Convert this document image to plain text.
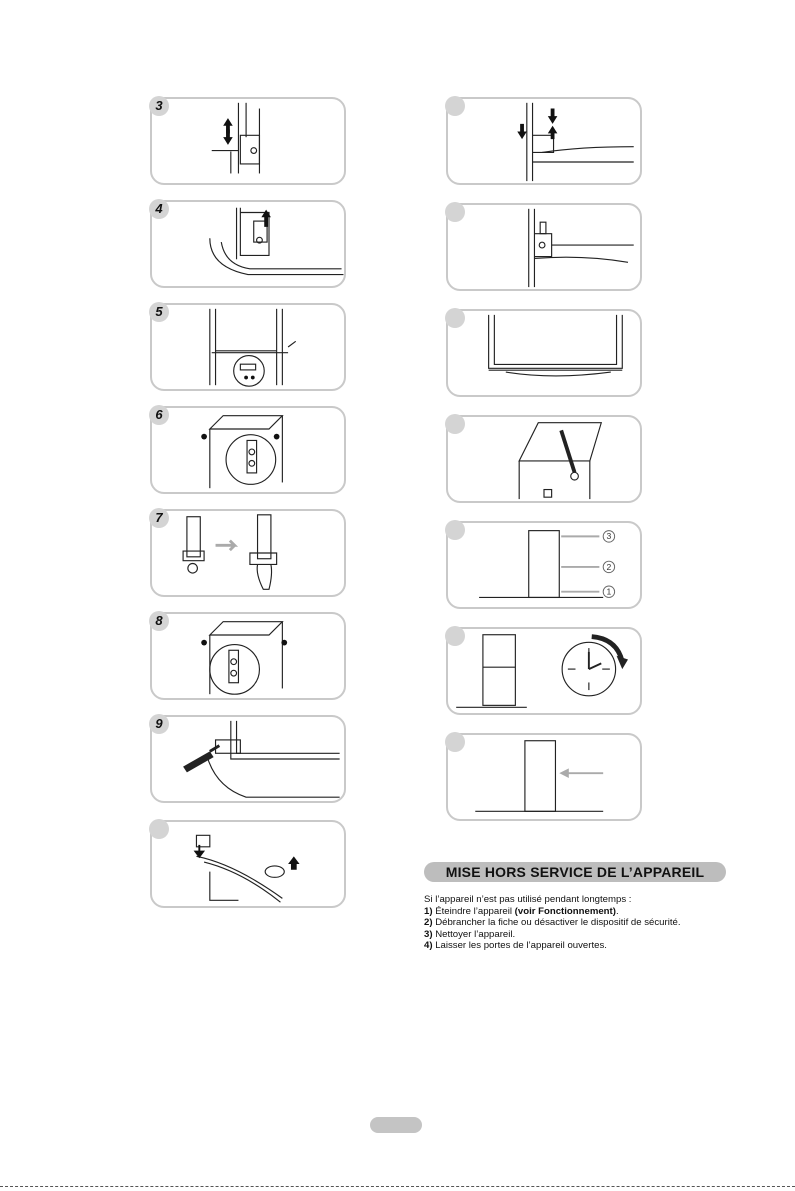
3
4
5
6
7
8
9
3
2
1
MISE HORS SERVICE DE L’APPAREIL
Si l’appareil n’est pas utilisé pendant longtemps :
1) Éteindre l’appareil (voir Fonctionnement).
2) Débrancher la fiche ou désactiver le dispositif de sécurité.
3) Nettoyer l’appareil.
4) Laisser les portes de l’appareil ouvertes.
